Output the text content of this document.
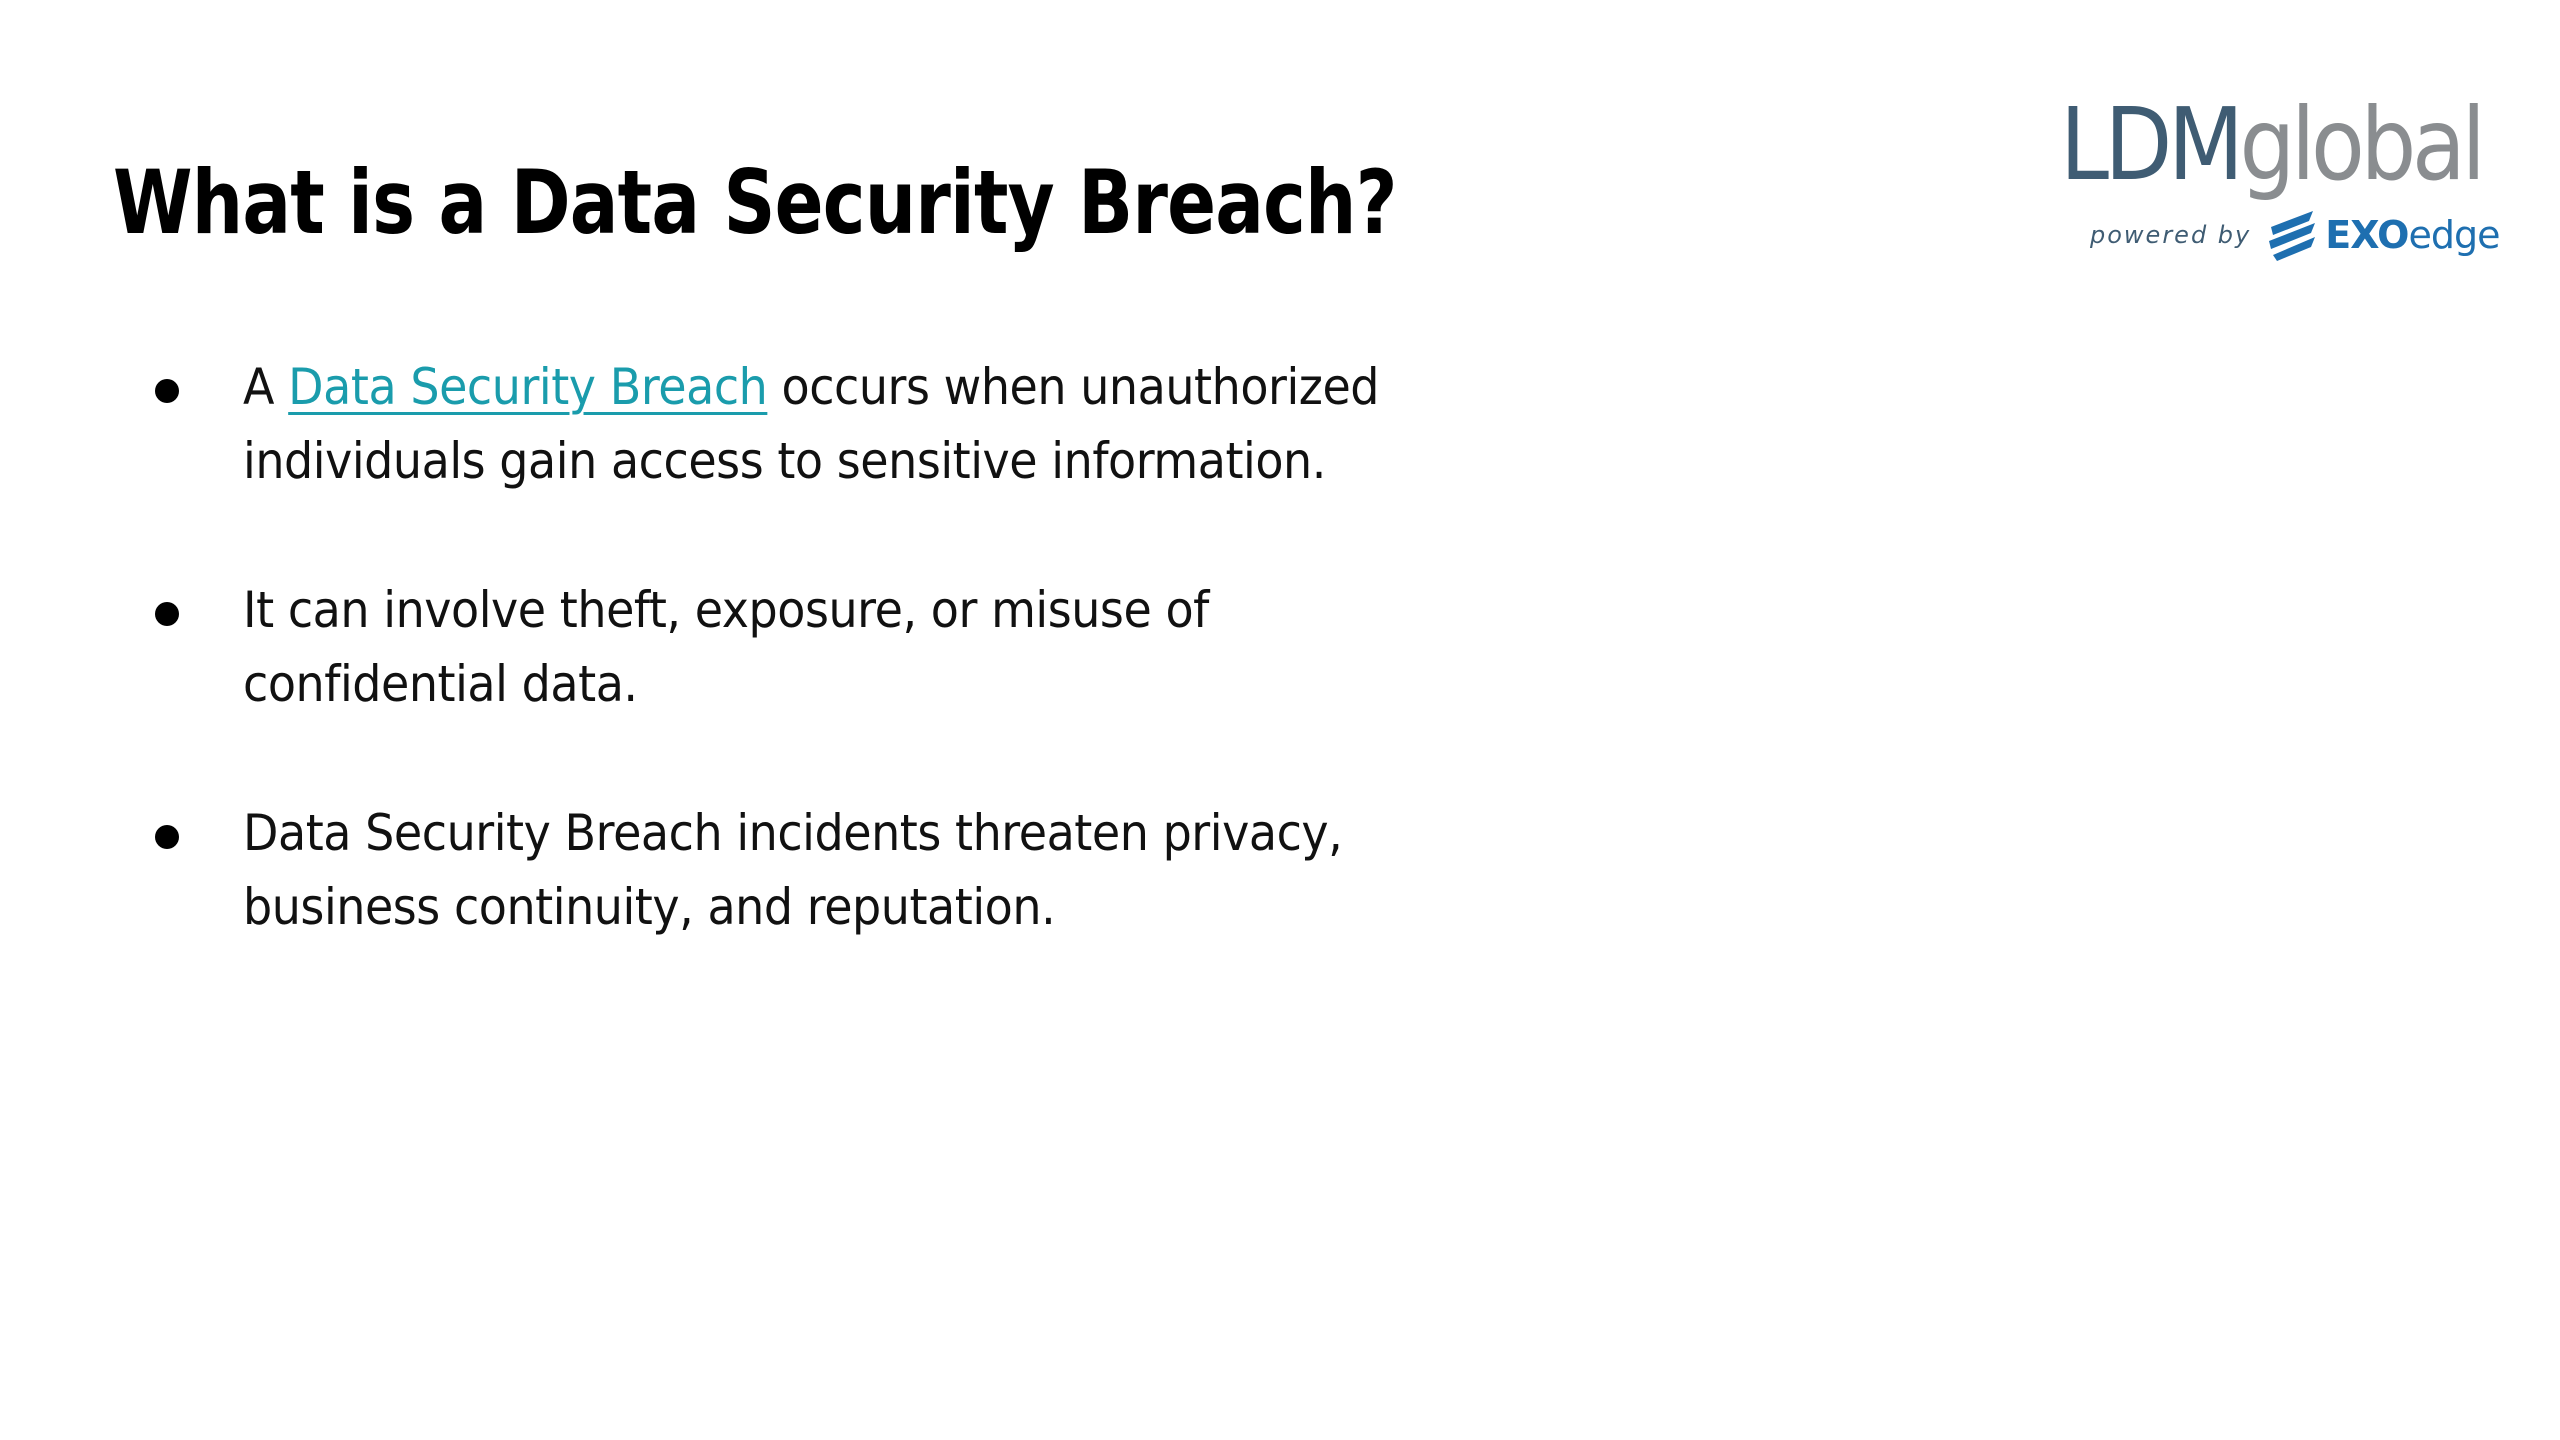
What is a Data Security Breach?	LDMglobal
powered by EXO edge
A Data Security Breach occurs when unauthorized individuals gain access to sensitive information.
It can involve theft, exposure, or misuse of confidential data.
Data Security Breach incidents threaten privacy, business continuity, and reputation.
